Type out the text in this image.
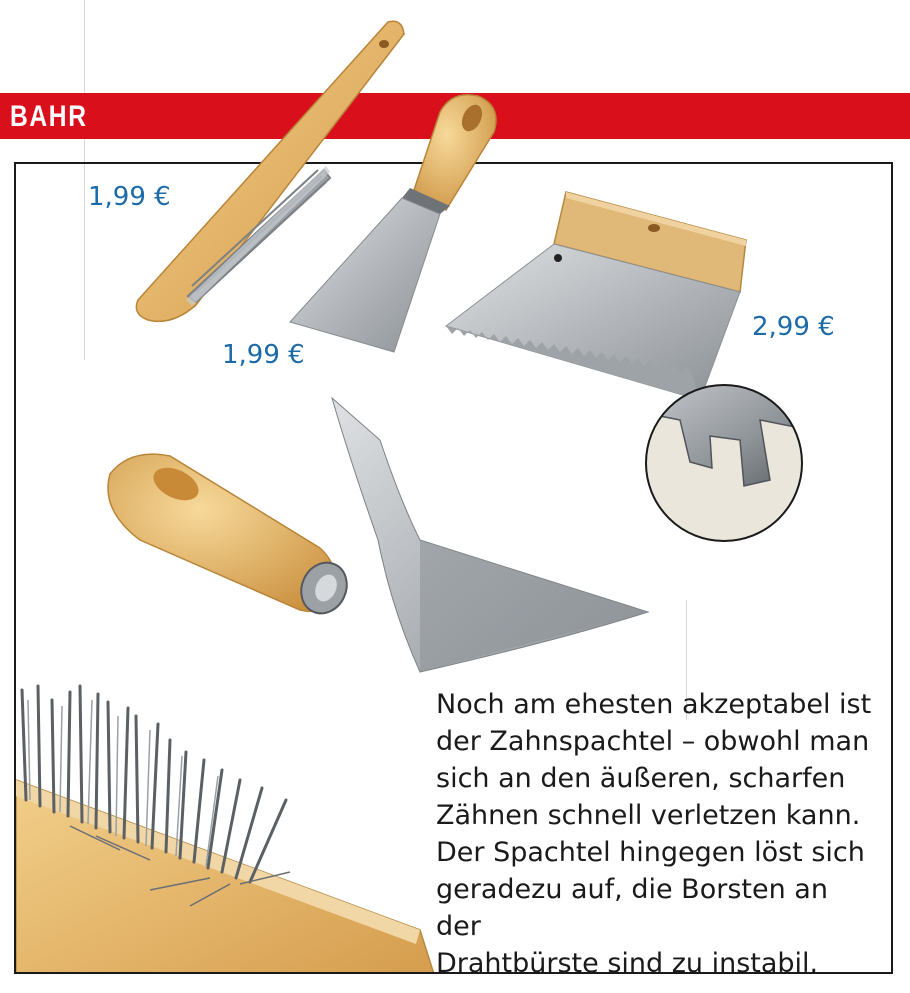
BAHR
1,99 €
1,99 €
2,99 €
Noch am ehesten akzeptabel ist
der Zahnspachtel – obwohl man
sich an den äußeren, scharfen
Zähnen schnell verletzen kann.
Der Spachtel hingegen löst sich
geradezu auf, die Borsten an der
Drahtbürste sind zu instabil.
